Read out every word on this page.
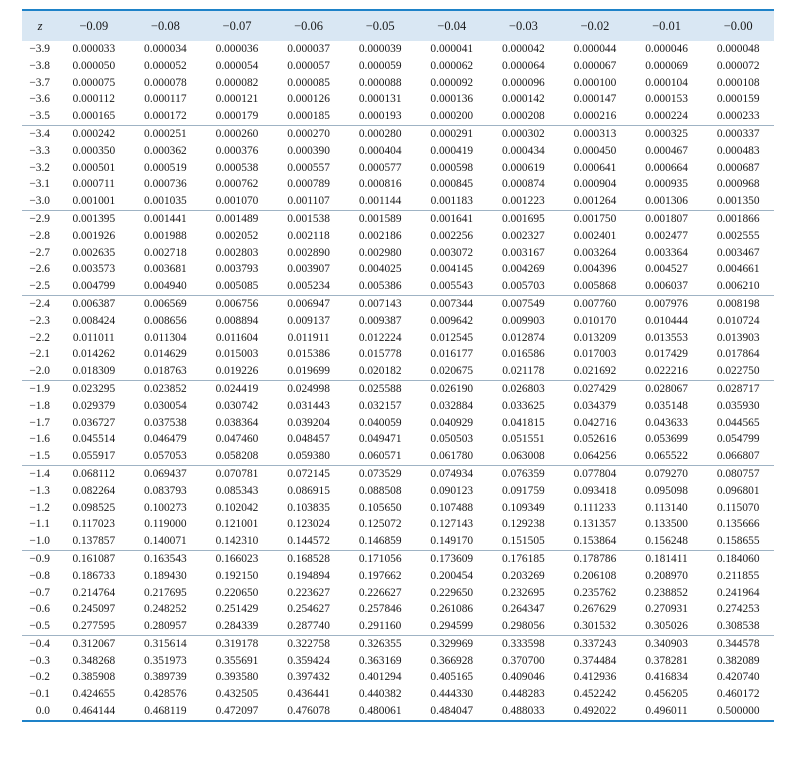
z	−0.09	−0.08	−0.07	−0.06	−0.05	−0.04	−0.03	−0.02	−0.01	−0.00
−3.9	0.000033	0.000034	0.000036	0.000037	0.000039	0.000041	0.000042	0.000044	0.000046	0.000048
−3.8	0.000050	0.000052	0.000054	0.000057	0.000059	0.000062	0.000064	0.000067	0.000069	0.000072
−3.7	0.000075	0.000078	0.000082	0.000085	0.000088	0.000092	0.000096	0.000100	0.000104	0.000108
−3.6	0.000112	0.000117	0.000121	0.000126	0.000131	0.000136	0.000142	0.000147	0.000153	0.000159
−3.5	0.000165	0.000172	0.000179	0.000185	0.000193	0.000200	0.000208	0.000216	0.000224	0.000233
−3.4	0.000242	0.000251	0.000260	0.000270	0.000280	0.000291	0.000302	0.000313	0.000325	0.000337
−3.3	0.000350	0.000362	0.000376	0.000390	0.000404	0.000419	0.000434	0.000450	0.000467	0.000483
−3.2	0.000501	0.000519	0.000538	0.000557	0.000577	0.000598	0.000619	0.000641	0.000664	0.000687
−3.1	0.000711	0.000736	0.000762	0.000789	0.000816	0.000845	0.000874	0.000904	0.000935	0.000968
−3.0	0.001001	0.001035	0.001070	0.001107	0.001144	0.001183	0.001223	0.001264	0.001306	0.001350
−2.9	0.001395	0.001441	0.001489	0.001538	0.001589	0.001641	0.001695	0.001750	0.001807	0.001866
−2.8	0.001926	0.001988	0.002052	0.002118	0.002186	0.002256	0.002327	0.002401	0.002477	0.002555
−2.7	0.002635	0.002718	0.002803	0.002890	0.002980	0.003072	0.003167	0.003264	0.003364	0.003467
−2.6	0.003573	0.003681	0.003793	0.003907	0.004025	0.004145	0.004269	0.004396	0.004527	0.004661
−2.5	0.004799	0.004940	0.005085	0.005234	0.005386	0.005543	0.005703	0.005868	0.006037	0.006210
−2.4	0.006387	0.006569	0.006756	0.006947	0.007143	0.007344	0.007549	0.007760	0.007976	0.008198
−2.3	0.008424	0.008656	0.008894	0.009137	0.009387	0.009642	0.009903	0.010170	0.010444	0.010724
−2.2	0.011011	0.011304	0.011604	0.011911	0.012224	0.012545	0.012874	0.013209	0.013553	0.013903
−2.1	0.014262	0.014629	0.015003	0.015386	0.015778	0.016177	0.016586	0.017003	0.017429	0.017864
−2.0	0.018309	0.018763	0.019226	0.019699	0.020182	0.020675	0.021178	0.021692	0.022216	0.022750
−1.9	0.023295	0.023852	0.024419	0.024998	0.025588	0.026190	0.026803	0.027429	0.028067	0.028717
−1.8	0.029379	0.030054	0.030742	0.031443	0.032157	0.032884	0.033625	0.034379	0.035148	0.035930
−1.7	0.036727	0.037538	0.038364	0.039204	0.040059	0.040929	0.041815	0.042716	0.043633	0.044565
−1.6	0.045514	0.046479	0.047460	0.048457	0.049471	0.050503	0.051551	0.052616	0.053699	0.054799
−1.5	0.055917	0.057053	0.058208	0.059380	0.060571	0.061780	0.063008	0.064256	0.065522	0.066807
−1.4	0.068112	0.069437	0.070781	0.072145	0.073529	0.074934	0.076359	0.077804	0.079270	0.080757
−1.3	0.082264	0.083793	0.085343	0.086915	0.088508	0.090123	0.091759	0.093418	0.095098	0.096801
−1.2	0.098525	0.100273	0.102042	0.103835	0.105650	0.107488	0.109349	0.111233	0.113140	0.115070
−1.1	0.117023	0.119000	0.121001	0.123024	0.125072	0.127143	0.129238	0.131357	0.133500	0.135666
−1.0	0.137857	0.140071	0.142310	0.144572	0.146859	0.149170	0.151505	0.153864	0.156248	0.158655
−0.9	0.161087	0.163543	0.166023	0.168528	0.171056	0.173609	0.176185	0.178786	0.181411	0.184060
−0.8	0.186733	0.189430	0.192150	0.194894	0.197662	0.200454	0.203269	0.206108	0.208970	0.211855
−0.7	0.214764	0.217695	0.220650	0.223627	0.226627	0.229650	0.232695	0.235762	0.238852	0.241964
−0.6	0.245097	0.248252	0.251429	0.254627	0.257846	0.261086	0.264347	0.267629	0.270931	0.274253
−0.5	0.277595	0.280957	0.284339	0.287740	0.291160	0.294599	0.298056	0.301532	0.305026	0.308538
−0.4	0.312067	0.315614	0.319178	0.322758	0.326355	0.329969	0.333598	0.337243	0.340903	0.344578
−0.3	0.348268	0.351973	0.355691	0.359424	0.363169	0.366928	0.370700	0.374484	0.378281	0.382089
−0.2	0.385908	0.389739	0.393580	0.397432	0.401294	0.405165	0.409046	0.412936	0.416834	0.420740
−0.1	0.424655	0.428576	0.432505	0.436441	0.440382	0.444330	0.448283	0.452242	0.456205	0.460172
0.0	0.464144	0.468119	0.472097	0.476078	0.480061	0.484047	0.488033	0.492022	0.496011	0.500000
